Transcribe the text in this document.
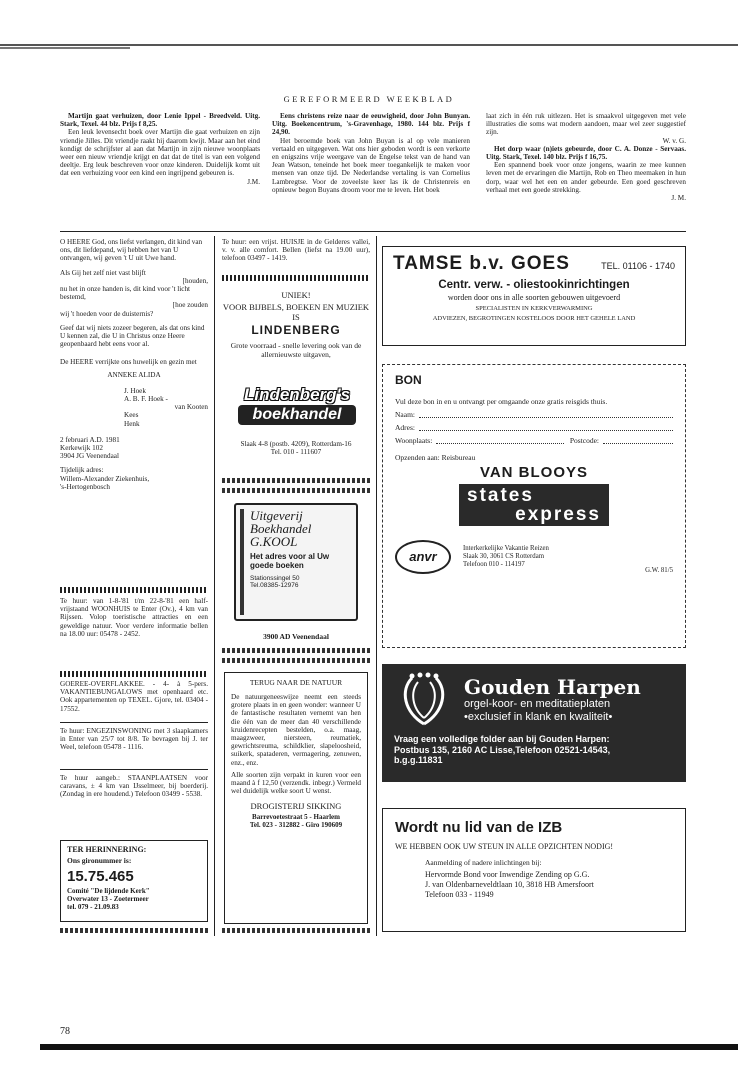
GEREFORMEERD WEEKBLAD

Martijn gaat verhuizen, door Lenie Ippel - Breedveld. Uitg. Stark, Texel. 44 blz. Prijs f 8,25.

Een leuk levensecht boek over Martijn die gaat verhuizen en zijn vriendje Jilles. Dit vriendje raakt hij daarom kwijt. Maar aan het eind kondigt de schrijfster al aan dat Martijn in zijn nieuwe woonplaats weer een nieuw vriendje krijgt en dat dat de titel is van een volgend deeltje. Erg leuk beschreven voor onze kinderen. Duidelijk komt uit dat een verhuizing voor een kind een ingrijpend gebeuren is.

J.M.

Eens christens reize naar de eeuwigheid, door John Bunyan. Uitg. Boekencentrum, 's-Gravenhage, 1980. 144 blz. Prijs f 24,90.

Het beroemde boek van John Buyan is al op vele manieren vertaald en uitgegeven. Wat ons hier geboden wordt is een verkorte en enigszins vrije weergave van de Engelse tekst van de hand van Jean Watson, teneinde het boek meer toegankelijk te maken voor mensen van onze tijd. De Nederlandse vertaling is van Cornelius Lambregtse. Voor de zoveelste keer las ik de Christenreis en opnieuw begon Buyans droom voor me te leven. Het boek

laat zich in één ruk uitlezen. Het is smaakvol uitgegeven met vele illustraties die soms wat modern aandoen, maar wel zeer suggestief zijn.

W. v. G.

Het dorp waar (n)iets gebeurde, door C. A. Donze - Servaas. Uitg. Stark, Texel. 140 blz. Prijs f 16,75.

Een spannend boek voor onze jongens, waarin ze mee kunnen leven met de ervaringen die Martijn, Rob en Theo meemaken in hun dorp, waar wel het een en ander gebeurde. Een goed geschreven verhaal met een goede strekking.

J. M.

O HEERE God, ons liefst verlangen, dit kind van ons, dit liefdepand, wij hebben het van U ontvangen, wij geven 't U uit Uwe hand.

Als Gij het zelf niet vast blijft

[houden,

nu het in onze handen is, dit kind voor 't licht bestemd,

[hoe zouden

wij 't hoeden voor de duisternis?

Geef dat wij niets zozeer begeren, als dat ons kind U kennen zal, die U in Christus onze Heere geopenbaard hebt eens voor al.

De HEERE verrijkte ons huwelijk en gezin met

ANNEKE ALIDA

J. Hoek

A. B. F. Hoek -

van Kooten

Kees

Henk

2 februari A.D. 1981

Kerkewijk 102

3904 JG Veenendaal

Tijdelijk adres:

Willem-Alexander Ziekenhuis,

's-Hertogenbosch

Te huur: van 1-8-'81 t/m 22-8-'81 een half-vrijstaand WOONHUIS te Enter (Ov.), 4 km van Rijssen. Volop toeristische attracties en een geweldige natuur. Voor verdere informatie bellen na 18.00 uur: 05478 - 2452.
GOEREE-OVERFLAKKEE. - 4- à 5-pers. VAKANTIEBUNGALOWS met openhaard etc. Ook appartementen op TEXEL. Gjore, tel. 03404 - 17552.
Te huur: ENGEZINSWONING met 3 slaapkamers in Enter van 25/7 tot 8/8. Te bevragen bij J. ter Weel, telefoon 05478 - 1116.
Te huur aangeb.: STAANPLAATSEN voor caravans, ± 4 km van IJsselmeer, bij boerderij. (Zondag in ere houdend.) Telefoon 03499 - 5538.
TER HERINNERING:
Ons gironummer is:
15.75.465
Comité "De lijdende Kerk"
Overwater 13 - Zoetermeer
tel. 079 - 21.09.83
Te huur: een vrijst. HUISJE in de Gelderes vallei, v. v. alle comfort. Bellen (liefst na 19.00 uur), telefoon 03497 - 1419.
UNIEK!
VOOR BIJBELS, BOEKEN EN MUZIEK IS
LINDENBERG
Grote voorraad - snelle levering ook van de allernieuwste uitgaven,
Lindenberg's
boekhandel
Slaak 4-8 (postb. 4209), Rotterdam-16
Tel. 010 - 111607
Uitgeverij
Boekhandel
G.KOOL
Het adres voor al Uw goede boeken
Stationssingel 50
Tel.08385-12976
3900 AD Veenendaal
TERUG NAAR DE NATUUR
De natuurgeneeswijze neemt een steeds grotere plaats in en geen wonder: wanneer U de fantastische resultaten vernemt van hen die één van de meer dan 40 verschillende kruidenrecepten bestelden, o.a. maag, maagzweer, niersteen, reumatiek, gewrichtsreuma, schildklier, slapeloosheid, suikerk, spataderen, vermagering, zenuwen, enz., enz.
Alle soorten zijn verpakt in kuren voor een maand à f 12,50 (verzendk. inbegr.) Vermeld wel duidelijk welke soort U wenst.
DROGISTERIJ SIKKING
Barrevoetestraat 5 - Haarlem
Tel. 023 - 312882 - Giro 190609
TAMSE b.v. GOES	TEL. 01106 - 1740
Centr. verw. - oliestookinrichtingen
worden door ons in alle soorten gebouwen uitgevoerd
SPECIALISTEN IN KERKVERWARMING
ADVIEZEN, BEGROTINGEN KOSTELOOS DOOR HET GEHELE LAND
BON
Vul deze bon in en u ontvangt per omgaande onze gratis reisgids thuis.
Naam:
Adres:
Woonplaats:	Postcode:
Opzenden aan: Reisbureau
VAN BLOOYS
states
express
anvr
Interkerkelijke Vakantie Reizen
Slaak 30, 3061 CS Rotterdam
Telefoon 010 - 114197
G.W. 81/5
Gouden Harpen
orgel-koor- en meditatieplaten
•exclusief in klank en kwaliteit•
Vraag een volledige folder aan bij Gouden Harpen:
Postbus 135, 2160 AC Lisse,Telefoon 02521-14543,
b.g.g.11831
Wordt nu lid van de IZB
WE HEBBEN OOK UW STEUN IN ALLE OPZICHTEN NODIG!
Aanmelding of nadere inlichtingen bij:
Hervormde Bond voor Inwendige Zending op G.G.
J. van Oldenbarneveldtlaan 10, 3818 HB Amersfoort
Telefoon 033 - 11949
78
